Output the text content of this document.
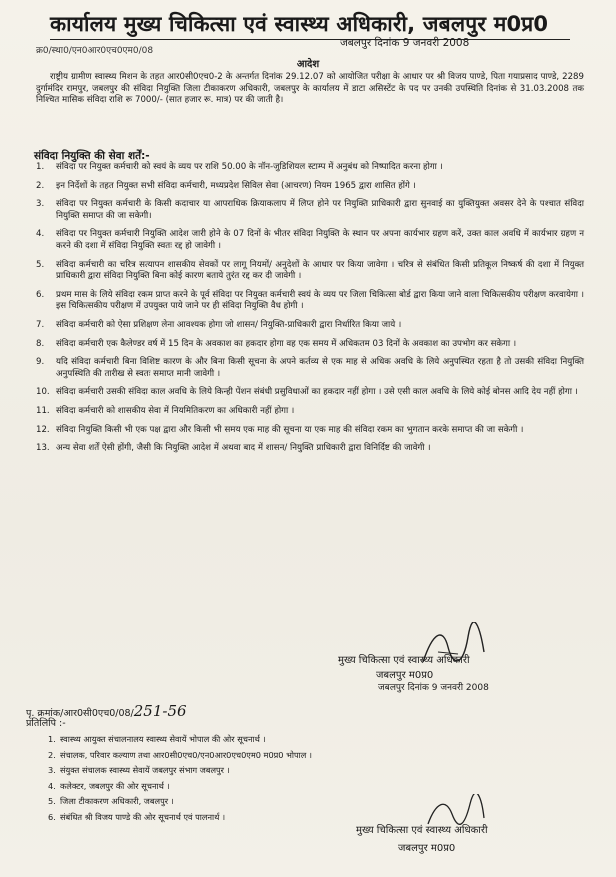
कार्यालय मुख्य चिकित्सा एवं स्वास्थ्य अधिकारी, जबलपुर म0प्र0
क्र0/स्था0/एन0आर0एच0एम0/08
जबलपुर दिनांक 9 जनवरी 2008
आदेश
राष्ट्रीय ग्रामीण स्वास्थ्य मिशन के तहत आर0सी0एच0-2 के अन्तर्गत दिनांक 29.12.07 को आयोजित परीक्षा के आधार पर श्री विजय पाण्डे, पिता गयाप्रसाद पाण्डे, 2289 दुर्गामंदिर रामपुर, जबलपुर की संविदा नियुक्ति जिला टीकाकरण अधिकारी, जबलपुर के कार्यालय में डाटा असिस्टेंट के पद पर उनकी उपस्थिति दिनांक से 31.03.2008 तक निश्चित मासिक संविदा राशि रू 7000/- (सात हजार रू. मात्र) पर की जाती है।
संविदा नियुक्ति की सेवा शर्तें:-
1. संविदा पर नियुक्त कर्मचारी को स्वयं के व्यय पर राशि 50.00 के नॉन-जुडिशियल स्टाम्प में अनुबंध को निष्पादित करना होगा ।
2. इन निर्देशों के तहत नियुक्त सभी संविदा कर्मचारी, मध्यप्रदेश सिविल सेवा (आचरण) नियम 1965 द्वारा शासित होंगे ।
3. संविदा पर नियुक्त कर्मचारी के किसी कदाचार या आपराधिक क्रियाकलाप में लिप्त होने पर नियुक्ति प्राधिकारी द्वारा सुनवाई का युक्तियुक्त अवसर देने के पश्चात संविदा नियुक्ति समाप्त की जा सकेगी।
4. संविदा पर नियुक्त कर्मचारी नियुक्ति आदेश जारी होने के 07 दिनों के भीतर संविदा नियुक्ति के स्थान पर अपना कार्यभार ग्रहण करें, उक्त काल अवधि में कार्यभार ग्रहण न करने की दशा में संविदा नियुक्ति स्वतः रद्द हो जावेगी ।
5. संविदा कर्मचारी का चरित्र सत्यापन शासकीय सेवकों पर लागू नियमों/ अनुदेशों के आधार पर किया जावेगा । चरित्र से संबंधित किसी प्रतिकूल निष्कर्ष की दशा में नियुक्त प्राधिकारी द्वारा संविदा नियुक्ति बिना कोई कारण बताये तुरंत रद्द कर दी जावेगी ।
6. प्रथम मास के लिये संविदा रकम प्राप्त करने के पूर्व संविदा पर नियुक्त कर्मचारी स्वयं के व्यय पर जिला चिकित्सा बोर्ड द्वारा किया जाने वाला चिकित्सकीय परीक्षण करवायेगा । इस चिकित्सकीय परीक्षण में उपयुक्त पाये जाने पर ही संविदा नियुक्ति वैध होगी ।
7. संविदा कर्मचारी को ऐसा प्रशिक्षण लेना आवश्यक होगा जो शासन/ नियुक्ति-प्राधिकारी द्वारा निर्धारित किया जाये ।
8. संविदा कर्मचारी एक कैलेण्डर वर्ष में 15 दिन के अवकाश का हकदार होगा वह एक समय में अधिकतम 03 दिनों के अवकाश का उपभोग कर सकेगा ।
9. यदि संविदा कर्मचारी बिना विशिष्ट कारण के और बिना किसी सूचना के अपने कर्तव्य से एक माह से अधिक अवधि के लिये अनुपस्थित रहता है तो उसकी संविदा नियुक्ति अनुपस्थिति की तारीख से स्वतः समाप्त मानी जावेगी ।
10. संविदा कर्मचारी उसकी संविदा काल अवधि के लिये किन्ही पेंशन संबंधी प्रसुविधाओं का हकदार नहीं होगा । उसे एसी काल अवधि के लिये कोई बोनस आदि देय नहीं होगा ।
11. संविदा कर्मचारी को शासकीय सेवा में नियमितिकरण का अधिकारी नहीं होगा ।
12. संविदा नियुक्ति किसी भी एक पक्ष द्वारा और किसी भी समय एक माह की सूचना या एक माह की संविदा रकम का भुगतान करके समाप्त की जा सकेगी ।
13. अन्य सेवा शर्तें ऐसी होंगी, जैसी कि नियुक्ति आदेश में अथवा बाद में शासन/ नियुक्ति प्राधिकारी द्वारा विनिर्दिष्ट की जावेगी ।
मुख्य चिकित्सा एवं स्वास्थ्य अधिकारी
जबलपुर म0प्र0
जबलपुर दिनांक 9 जनवरी 2008
पृ. क्रमांक/आर0सी0एच0/08/251-56
प्रतिलिपि :-
1. स्वास्थ्य आयुक्त संचालनालय स्वास्थ्य सेवायें भोपाल की ओर सूचनार्थ ।
2. संचालक, परिवार कल्याण तथा आर0सी0एच0/एन0आर0एच0एम0 म0प्र0 भोपाल ।
3. संयुक्त संचालक स्वास्थ्य सेवायें जबलपुर संभाग जबलपुर ।
4. कलेक्टर, जबलपुर की ओर सूचनार्थ ।
5. जिला टीकाकरण अधिकारी, जबलपुर ।
6. संबंधित श्री विजय पाण्डे की ओर सूचनार्थ एवं पालनार्थ ।
मुख्य चिकित्सा एवं स्वास्थ्य अधिकारी
जबलपुर म0प्र0
